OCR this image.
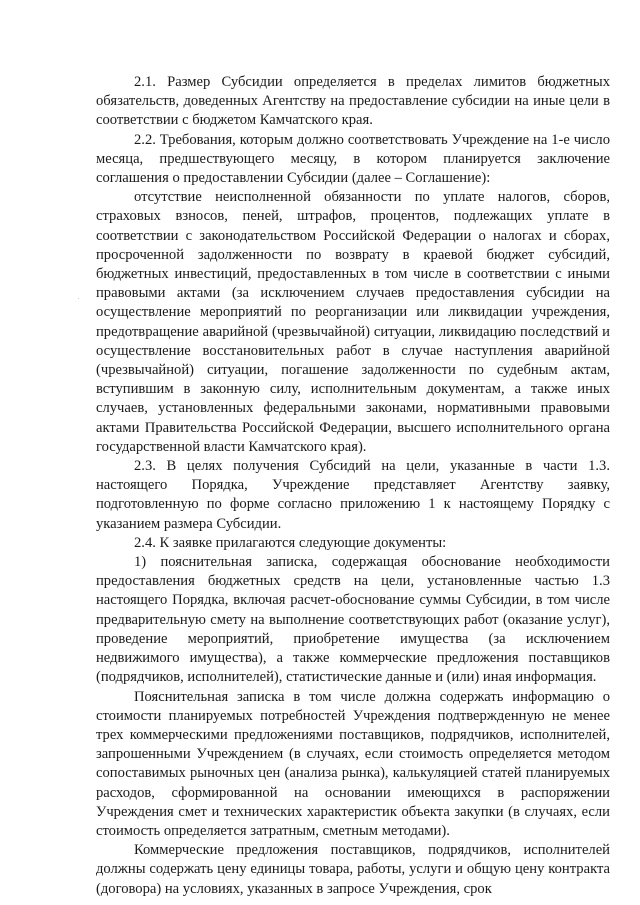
2.1. Размер Субсидии определяется в пределах лимитов бюджетных обязательств, доведенных Агентству на предоставление субсидии на иные цели в соответствии с бюджетом Камчатского края.

2.2. Требования, которым должно соответствовать Учреждение на 1-е число месяца, предшествующего месяцу, в котором планируется заключение соглашения о предоставлении Субсидии (далее – Соглашение):

отсутствие неисполненной обязанности по уплате налогов, сборов, страховых взносов, пеней, штрафов, процентов, подлежащих уплате в соответствии с законодательством Российской Федерации о налогах и сборах, просроченной задолженности по возврату в краевой бюджет субсидий, бюджетных инвестиций, предоставленных в том числе в соответствии с иными правовыми актами (за исключением случаев предоставления субсидии на осуществление мероприятий по реорганизации или ликвидации учреждения, предотвращение аварийной (чрезвычайной) ситуации, ликвидацию последствий и осуществление восстановительных работ в случае наступления аварийной (чрезвычайной) ситуации, погашение задолженности по судебным актам, вступившим в законную силу, исполнительным документам, а также иных случаев, установленных федеральными законами, нормативными правовыми актами Правительства Российской Федерации, высшего исполнительного органа государственной власти Камчатского края).

2.3. В целях получения Субсидий на цели, указанные в части 1.3. настоящего Порядка, Учреждение представляет Агентству заявку, подготовленную по форме согласно приложению 1 к настоящему Порядку с указанием размера Субсидии.

2.4. К заявке прилагаются следующие документы:

1) пояснительная записка, содержащая обоснование необходимости предоставления бюджетных средств на цели, установленные частью 1.3 настоящего Порядка, включая расчет-обоснование суммы Субсидии, в том числе предварительную смету на выполнение соответствующих работ (оказание услуг), проведение мероприятий, приобретение имущества (за исключением недвижимого имущества), а также коммерческие предложения поставщиков (подрядчиков, исполнителей), статистические данные и (или) иная информация.

Пояснительная записка в том числе должна содержать информацию о стоимости планируемых потребностей Учреждения подтвержденную не менее трех коммерческими предложениями поставщиков, подрядчиков, исполнителей, запрошенными Учреждением (в случаях, если стоимость определяется методом сопоставимых рыночных цен (анализа рынка), калькуляцией статей планируемых расходов, сформированной на основании имеющихся в распоряжении Учреждения смет и технических характеристик объекта закупки (в случаях, если стоимость определяется затратным, сметным методами).

Коммерческие предложения поставщиков, подрядчиков, исполнителей должны содержать цену единицы товара, работы, услуги и общую цену контракта (договора) на условиях, указанных в запросе Учреждения, срок
